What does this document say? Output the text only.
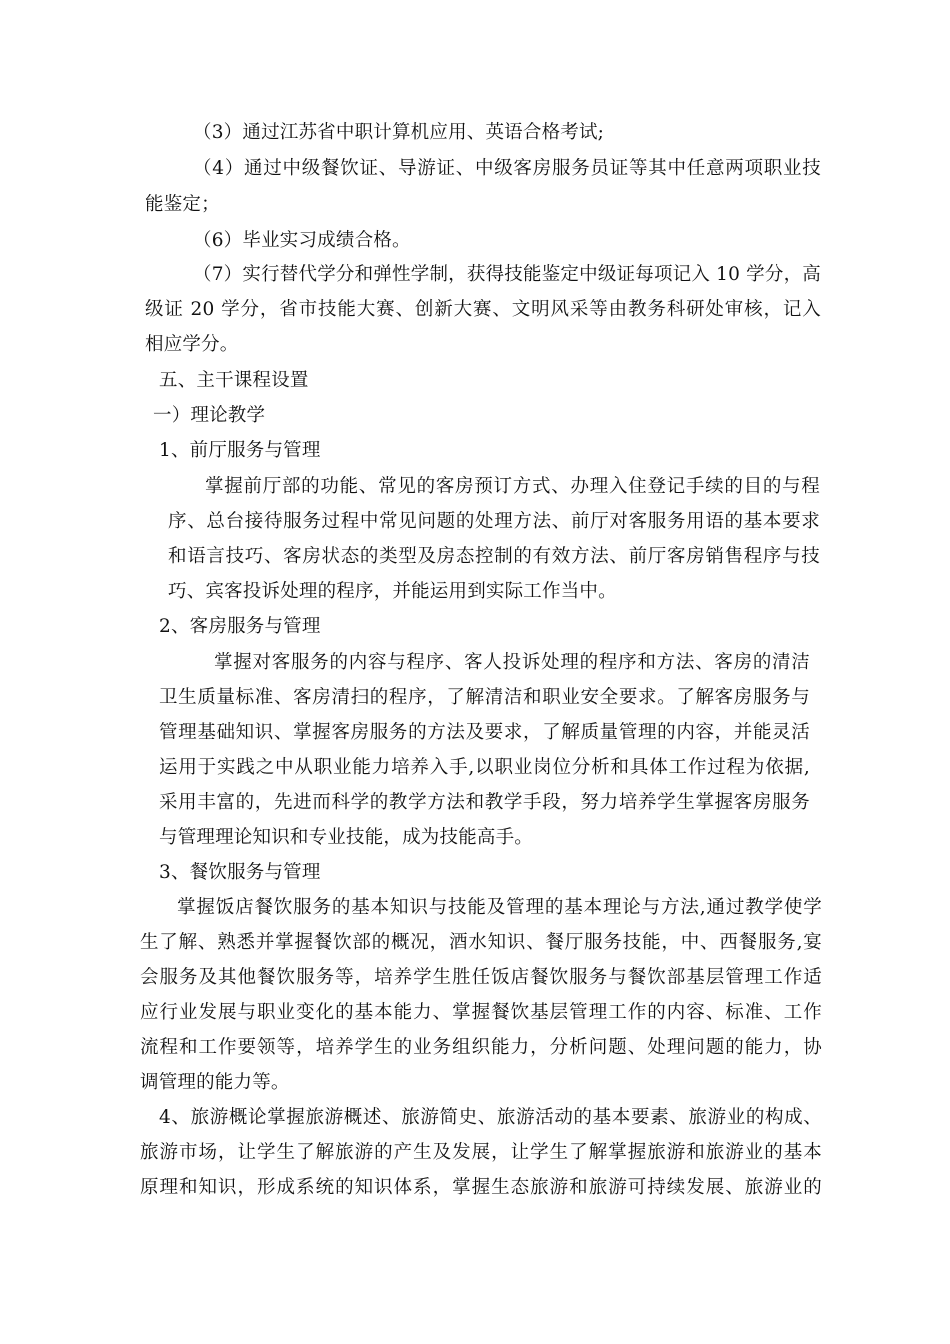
（3）通过江苏省中职计算机应用、英语合格考试;
（4）通过中级餐饮证、导游证、中级客房服务员证等其中任意两项职业技
能鉴定；
（6）毕业实习成绩合格。
（7）实行替代学分和弹性学制，获得技能鉴定中级证每项记入 10 学分，高
级证 20 学分，省市技能大赛、创新大赛、文明风采等由教务科研处审核，记入
相应学分。
五、主干课程设置
一）理论教学
1、前厅服务与管理
掌握前厅部的功能、常见的客房预订方式、办理入住登记手续的目的与程
序、总台接待服务过程中常见问题的处理方法、前厅对客服务用语的基本要求
和语言技巧、客房状态的类型及房态控制的有效方法、前厅客房销售程序与技
巧、宾客投诉处理的程序，并能运用到实际工作当中。
2、客房服务与管理
掌握对客服务的内容与程序、客人投诉处理的程序和方法、客房的清洁
卫生质量标准、客房清扫的程序，了解清洁和职业安全要求。了解客房服务与
管理基础知识、掌握客房服务的方法及要求，了解质量管理的内容，并能灵活
运用于实践之中从职业能力培养入手,以职业岗位分析和具体工作过程为依据,
采用丰富的，先进而科学的教学方法和教学手段，努力培养学生掌握客房服务
与管理理论知识和专业技能，成为技能高手。
3、餐饮服务与管理
掌握饭店餐饮服务的基本知识与技能及管理的基本理论与方法,通过教学使学
生了解、熟悉并掌握餐饮部的概况，酒水知识、餐厅服务技能，中、西餐服务,宴
会服务及其他餐饮服务等，培养学生胜任饭店餐饮服务与餐饮部基层管理工作适
应行业发展与职业变化的基本能力、掌握餐饮基层管理工作的内容、标准、工作
流程和工作要领等，培养学生的业务组织能力，分析问题、处理问题的能力，协
调管理的能力等。
4、旅游概论掌握旅游概述、旅游简史、旅游活动的基本要素、旅游业的构成、
旅游市场，让学生了解旅游的产生及发展，让学生了解掌握旅游和旅游业的基本
原理和知识，形成系统的知识体系，掌握生态旅游和旅游可持续发展、旅游业的
